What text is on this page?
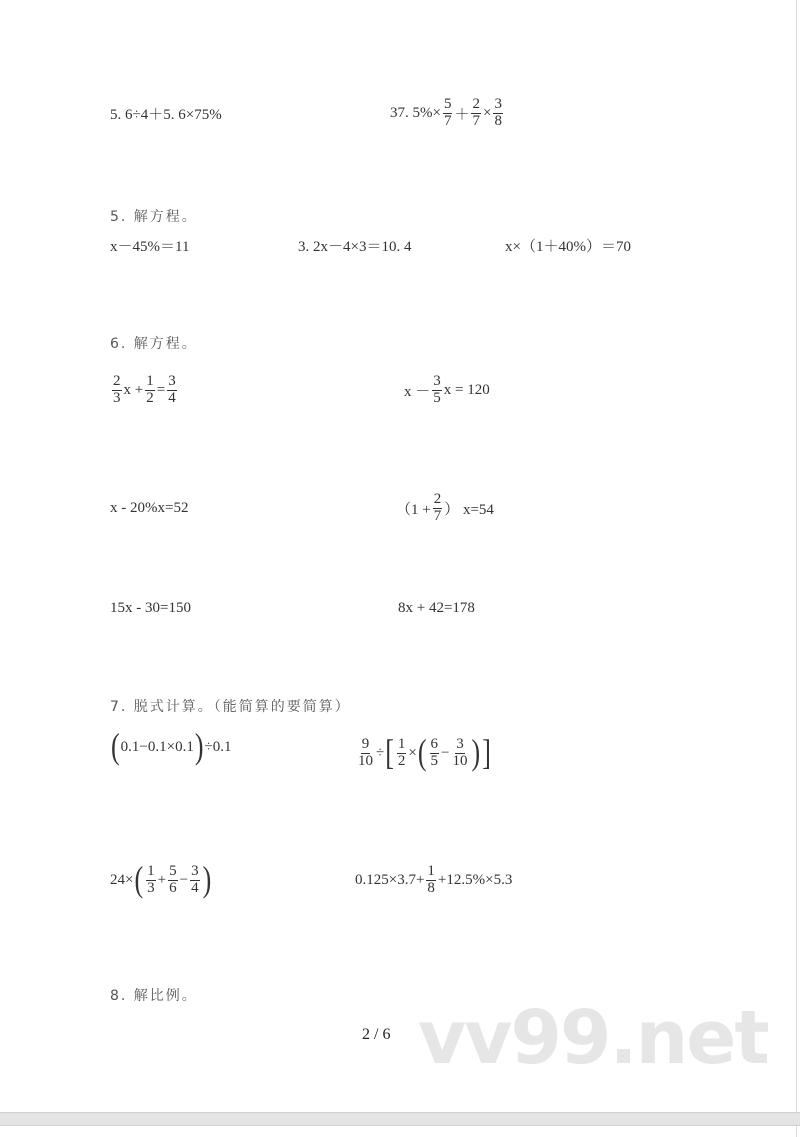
5. 6÷4＋5. 6×75%	37. $5\%\times \frac{5}{7} + \frac{2}{7} \times \frac{3}{8}$
5. 解方程。
x－45%＝11	3. 2x－4×3＝10. 4	x×（1＋40%）＝70
6. 解方程。
$\frac{2}{3}$ $x + \frac{1}{2} = \frac{3}{4}$	$x - \frac{3}{5}$ x = 120
x - 20%x=52	（$1 + \frac{2}{7}$ ） x=54
15x - 30=150	8x + 42=178
7. 脱式计算。（能简算的要简算）
( 0.1−0.1×0.1 ) ÷0.1	$\frac{9}{10}$ ÷ [ $\frac{1}{2}$ × ( $\frac{6}{5} - \frac{3}{10}$ ) ]
24× ( $\frac{1}{3} + \frac{5}{6} - \frac{3}{4}$ )	$0.125\times 3.7+ \frac{1}{8} +12.5\%\times 5.3$
8. 解比例。	vv99.net
2 / 6
